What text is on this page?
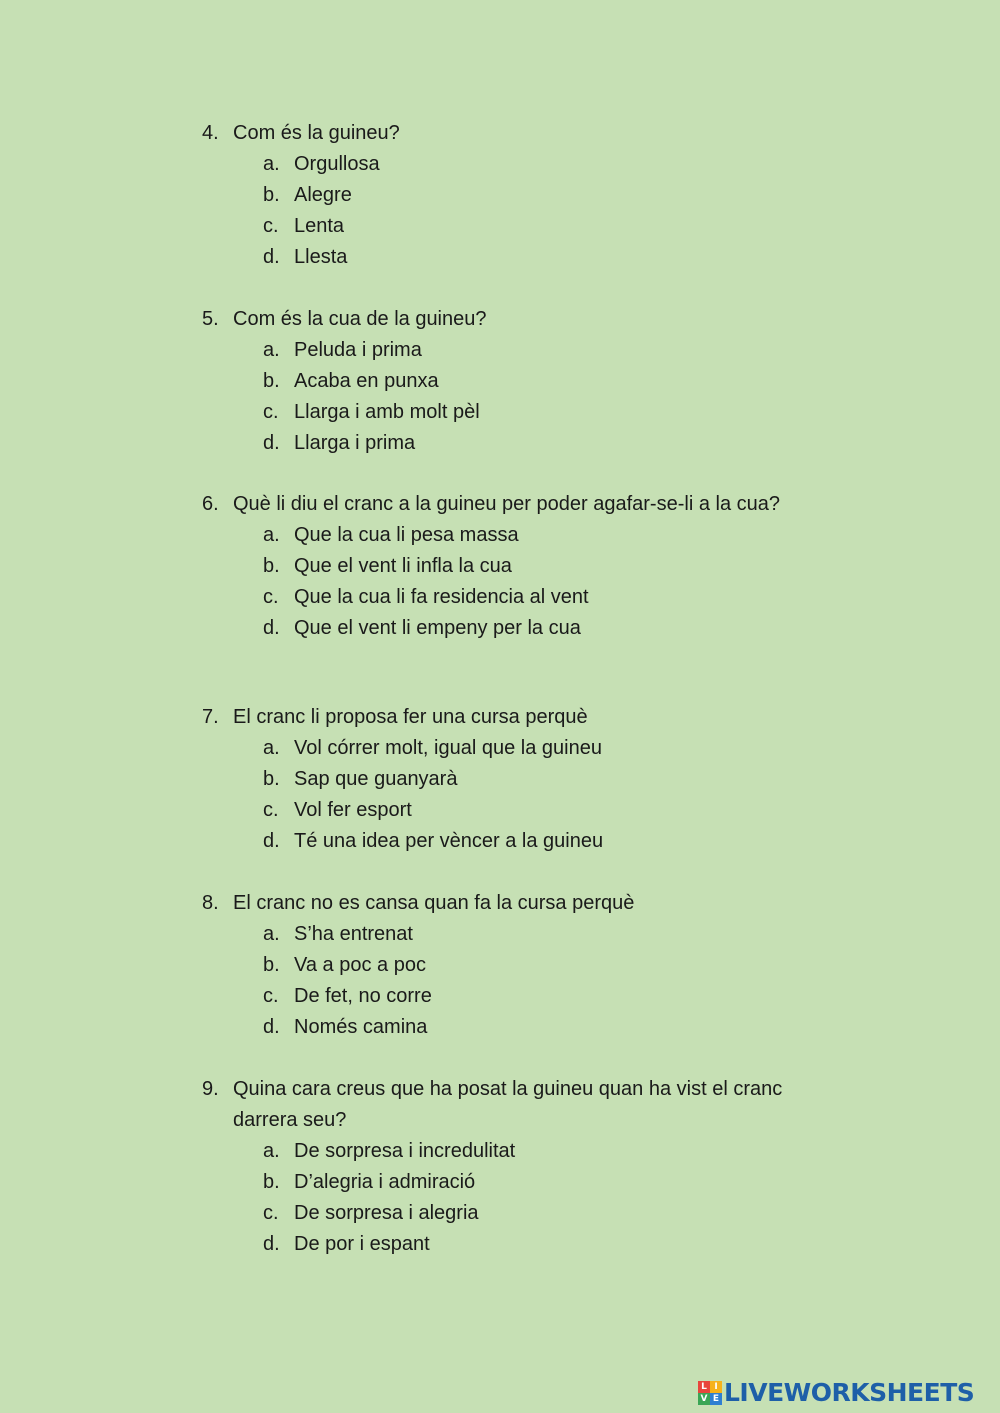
4. Com és la guineu?
a. Orgullosa
b. Alegre
c. Lenta
d. Llesta
5. Com és la cua de la guineu?
a. Peluda i prima
b. Acaba en punxa
c. Llarga i amb molt pèl
d. Llarga i prima
6. Què li diu el cranc a la guineu per poder agafar-se-li a la cua?
a. Que la cua li pesa massa
b. Que el vent li infla la cua
c. Que la cua li fa residencia al vent
d. Que el vent li empeny per la cua
7. El cranc li proposa fer una cursa perquè
a. Vol córrer molt, igual que la guineu
b. Sap que guanyarà
c. Vol fer esport
d. Té una idea per vèncer a la guineu
8. El cranc no es cansa quan fa la cursa perquè
a. S’ha entrenat
b. Va a poc a poc
c. De fet, no corre
d. Només camina
9. Quina cara creus que ha posat la guineu quan ha vist el cranc
darrera seu?
a. De sorpresa i incredulitat
b. D’alegria i admiració
c. De sorpresa i alegria
d. De por i espant
L I
V E LIVEWORKSHEETS
